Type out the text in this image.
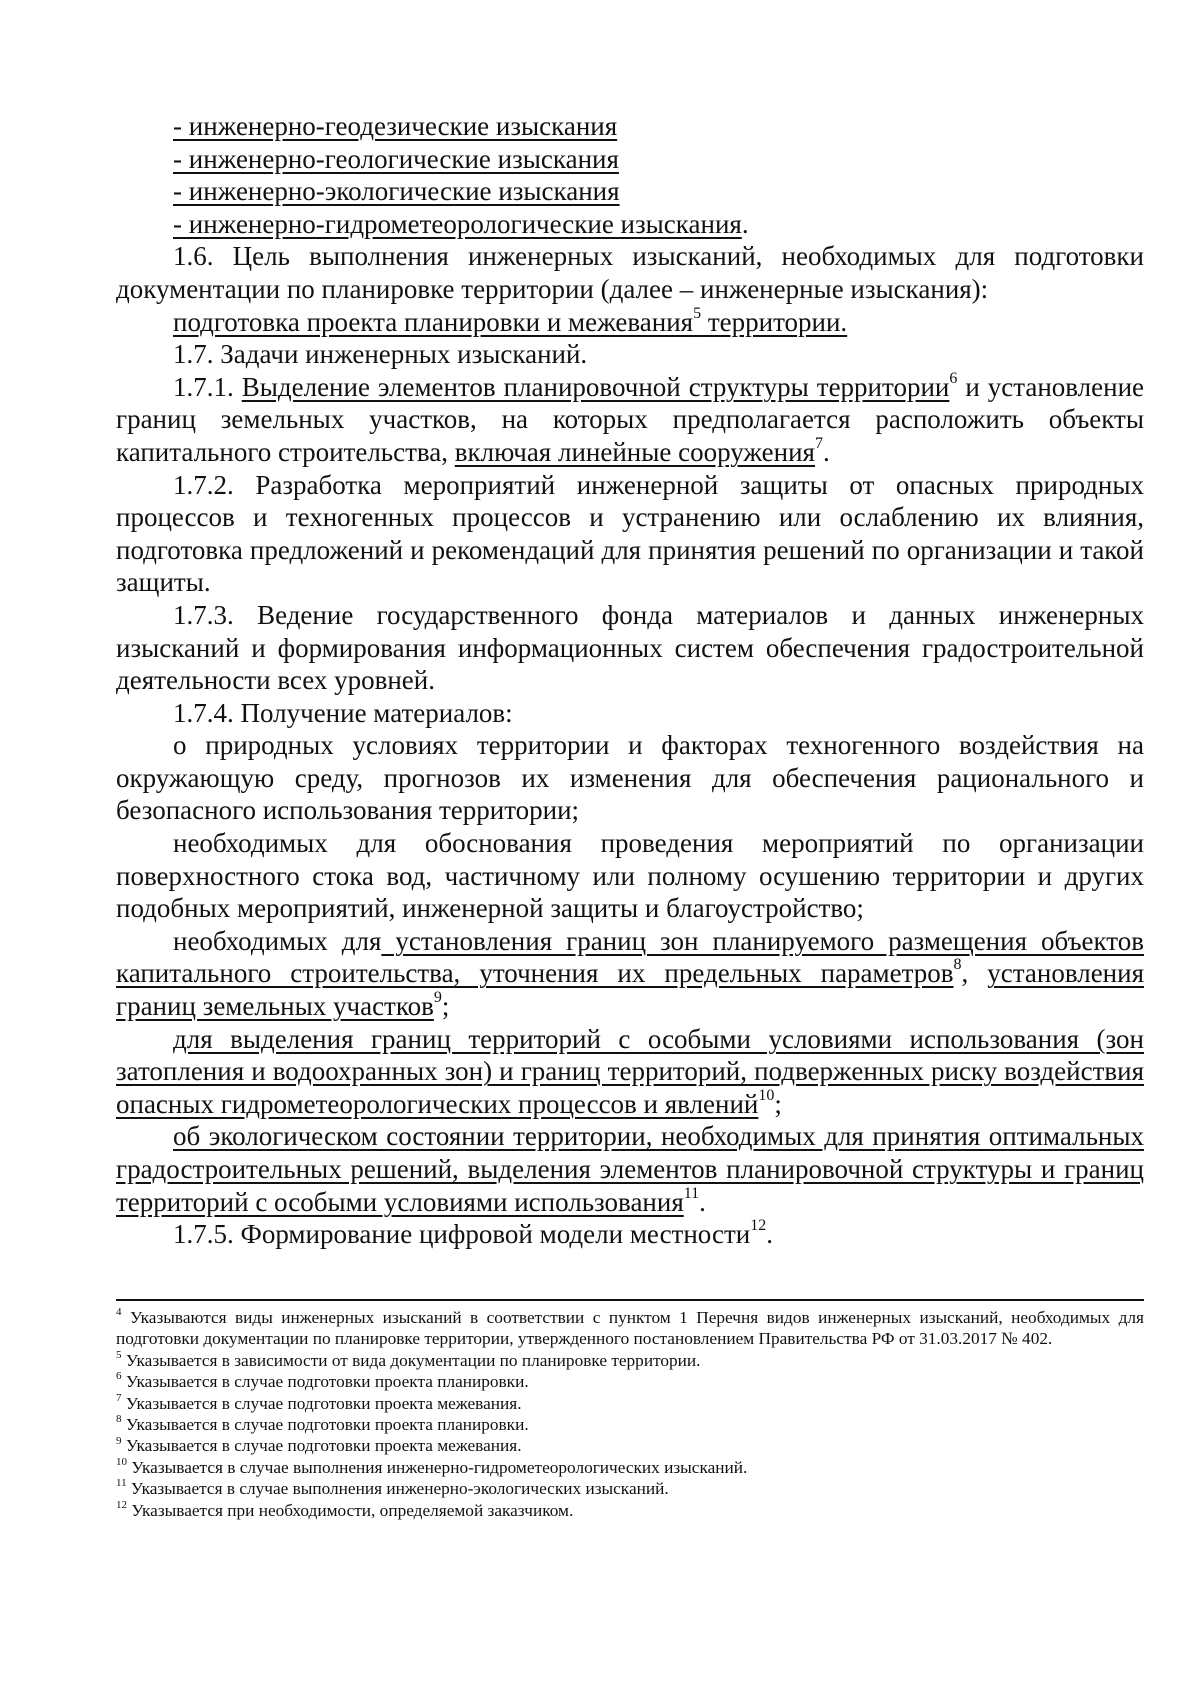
- инженерно-геодезические изыскания

- инженерно-геологические изыскания

- инженерно-экологические изыскания

- инженерно-гидрометеорологические изыскания.

1.6. Цель выполнения инженерных изысканий, необходимых для подготовки документации по планировке территории (далее – инженерные изыскания):

подготовка проекта планировки и межевания$^5$ территории.

1.7. Задачи инженерных изысканий.

1.7.1. Выделение элементов планировочной структуры территории$^6$ и установление границ земельных участков, на которых предполагается расположить объекты капитального строительства, включая линейные сооружения$^7$.

1.7.2. Разработка мероприятий инженерной защиты от опасных природных процессов и техногенных процессов и устранению или ослаблению их влияния, подготовка предложений и рекомендаций для принятия решений по организации и такой защиты.

1.7.3. Ведение государственного фонда материалов и данных инженерных изысканий и формирования информационных систем обеспечения градостроительной деятельности всех уровней.

1.7.4. Получение материалов:

о природных условиях территории и факторах техногенного воздействия на окружающую среду, прогнозов их изменения для обеспечения рационального и безопасного использования территории;

необходимых для обоснования проведения мероприятий по организации поверхностного стока вод, частичному или полному осушению территории и других подобных мероприятий, инженерной защиты и благоустройство;

необходимых для установления границ зон планируемого размещения объектов капитального строительства, уточнения их предельных параметров$^8$, установления границ земельных участков$^9$;

для выделения границ территорий с особыми условиями использования (зон затопления и водоохранных зон) и границ территорий, подверженных риску воздействия опасных гидрометеорологических процессов и явлений$^{10}$;

об экологическом состоянии территории, необходимых для принятия оптимальных градостроительных решений, выделения элементов планировочной структуры и границ территорий с особыми условиями использования$^{11}$.

1.7.5. Формирование цифровой модели местности$^{12}$.

$^4$ Указываются виды инженерных изысканий в соответствии с пунктом 1 Перечня видов инженерных изысканий, необходимых для подготовки документации по планировке территории, утвержденного постановлением Правительства РФ от 31.03.2017 № 402.

$^5$ Указывается в зависимости от вида документации по планировке территории.

$^6$ Указывается в случае подготовки проекта планировки.

$^7$ Указывается в случае подготовки проекта межевания.

$^8$ Указывается в случае подготовки проекта планировки.

$^9$ Указывается в случае подготовки проекта межевания.

$^{10}$ Указывается в случае выполнения инженерно-гидрометеорологических изысканий.

$^{11}$ Указывается в случае выполнения инженерно-экологических изысканий.

$^{12}$ Указывается при необходимости, определяемой заказчиком.
